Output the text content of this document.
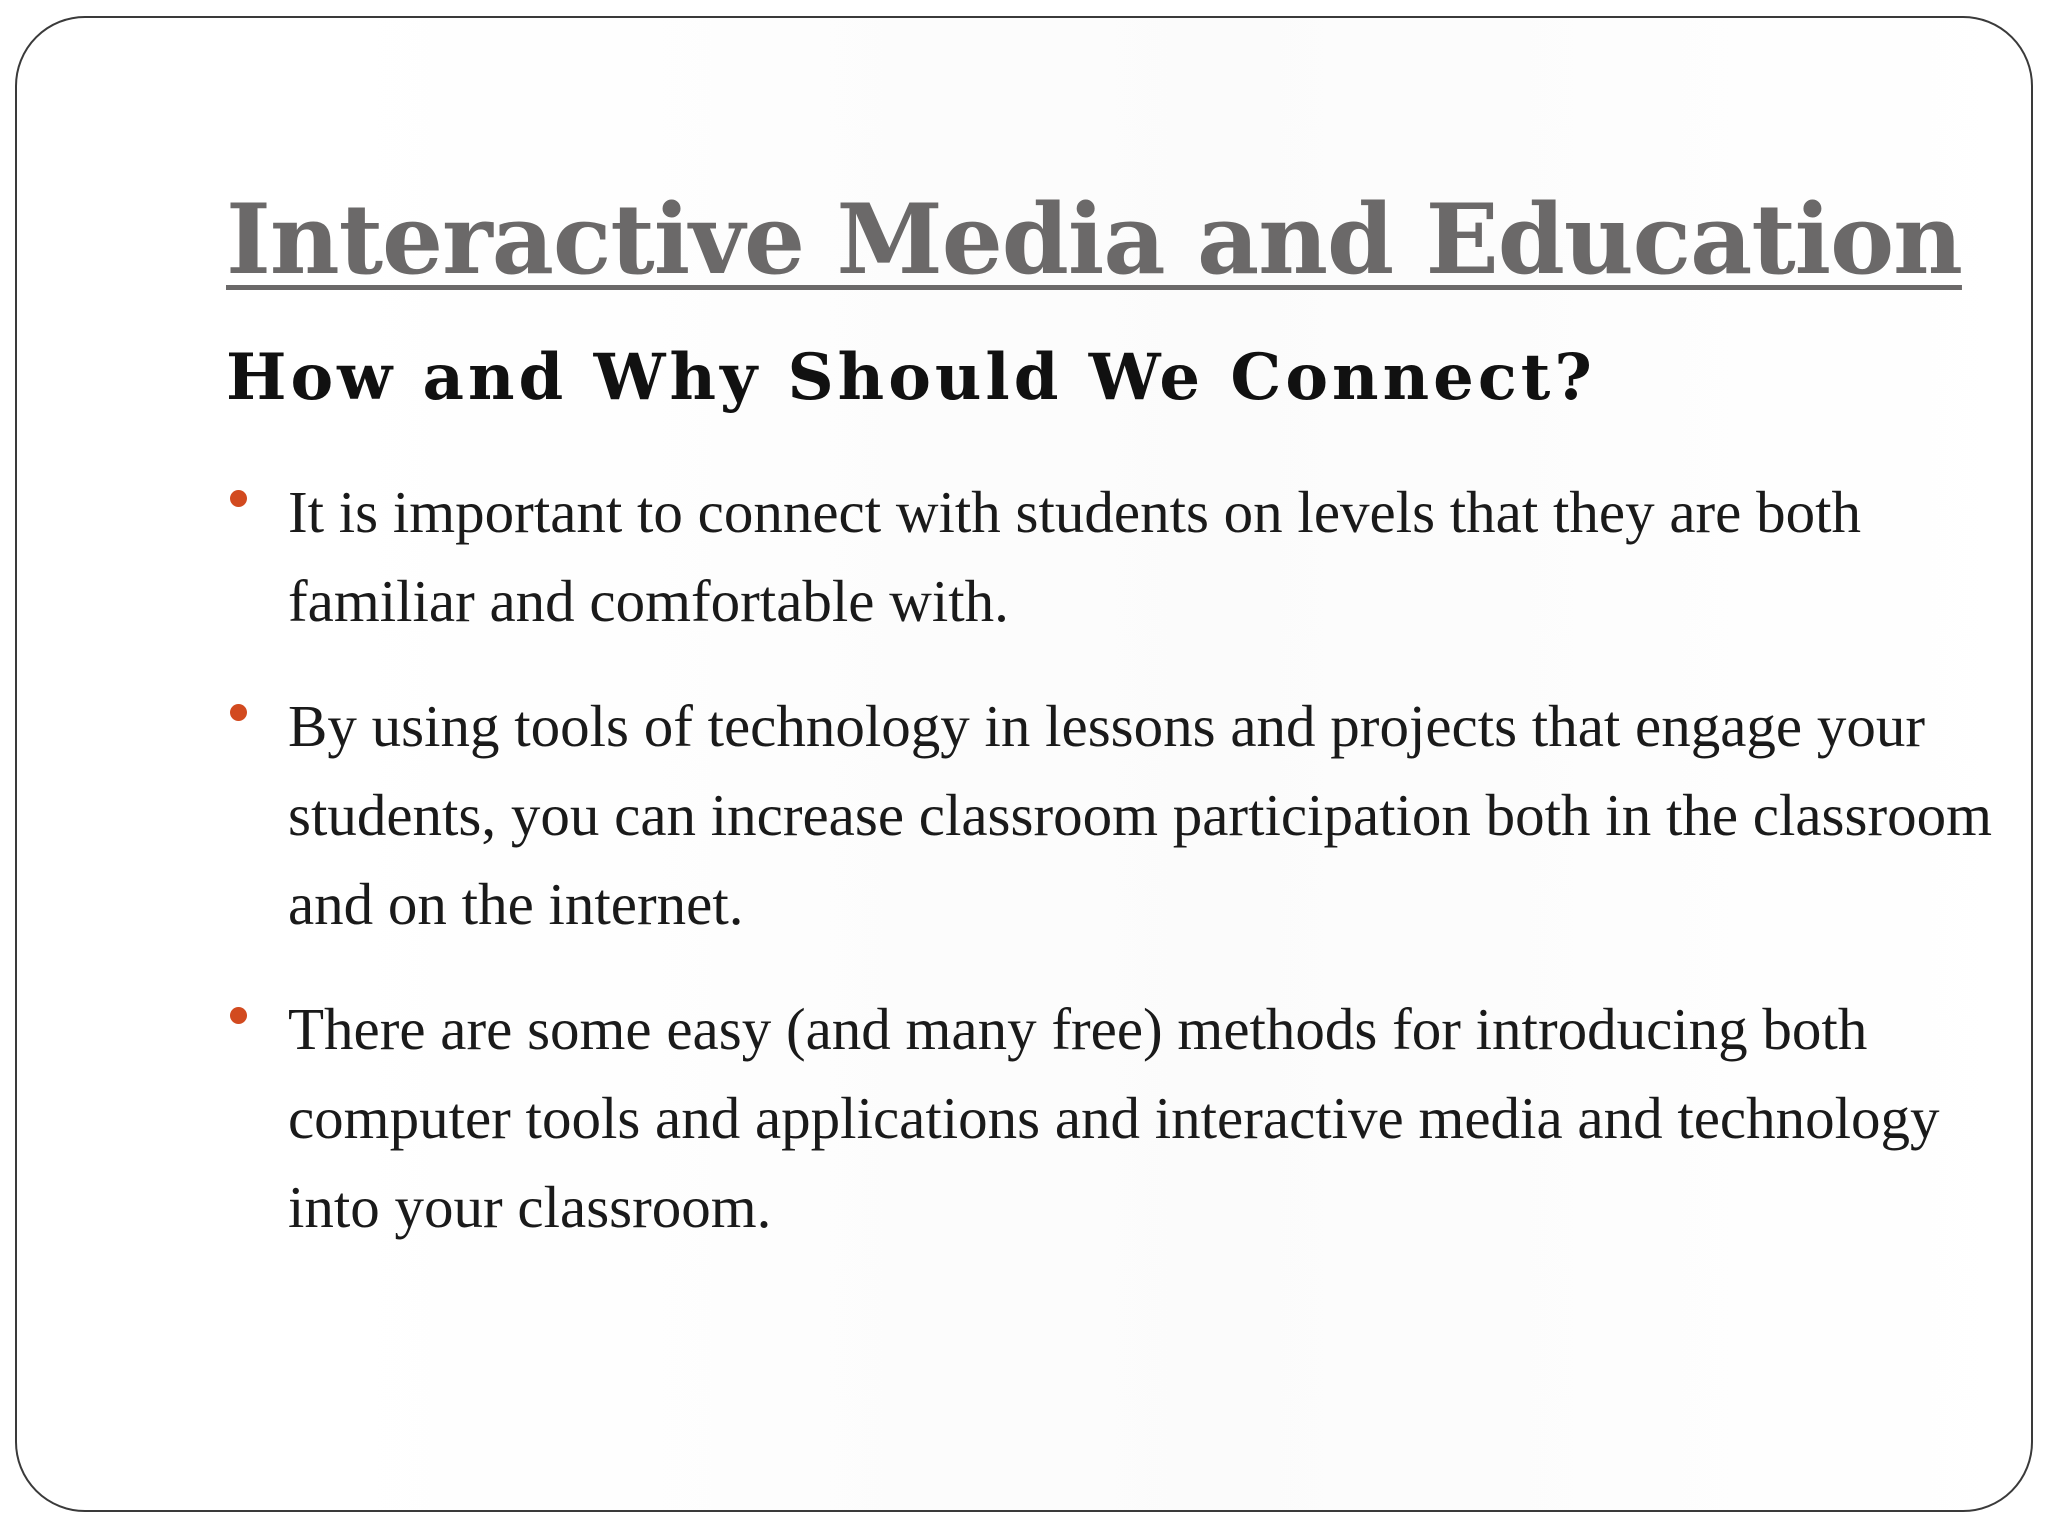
Interactive Media and Education
How and Why Should We Connect?
It is important to connect with students on levels that they are both familiar and comfortable with.
By using tools of technology in lessons and projects that engage your students, you can increase classroom participation both in the classroom and on the internet.
There are some easy (and many free) methods for introducing both computer tools and applications and interactive media and technology into your classroom.
